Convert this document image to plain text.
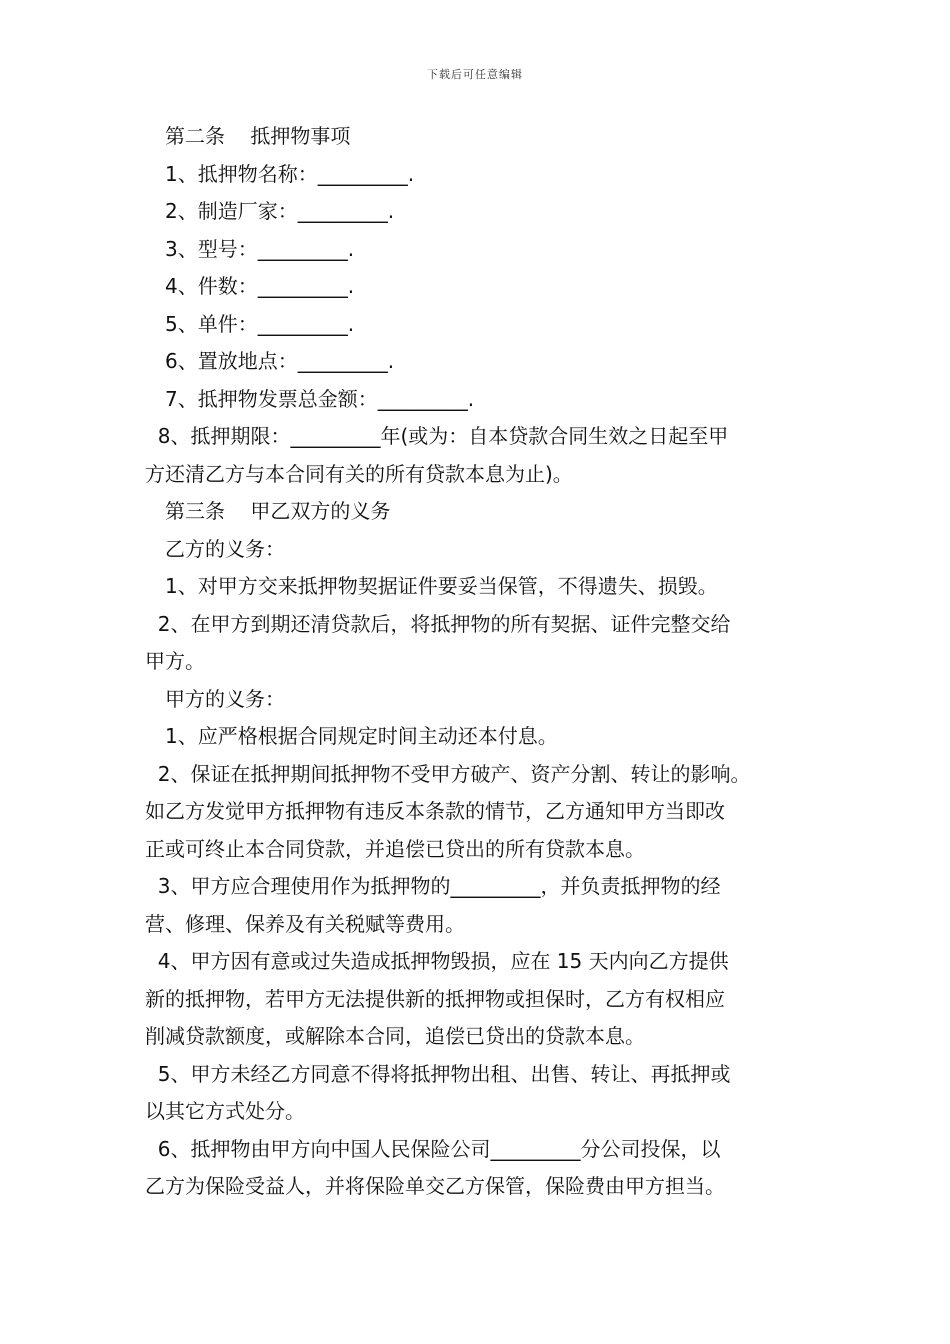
下载后可任意编辑

第二条    抵押物事项

1、抵押物名称：_________.

2、制造厂家：_________.

3、型号：_________.

4、件数：_________.

5、单件：_________.

6、置放地点：_________.

7、抵押物发票总金额：_________.

8、抵押期限：_________年(或为：自本贷款合同生效之日起至甲
方还清乙方与本合同有关的所有贷款本息为止)。

第三条    甲乙双方的义务

乙方的义务：

1、对甲方交来抵押物契据证件要妥当保管，不得遗失、损毁。

2、在甲方到期还清贷款后，将抵押物的所有契据、证件完整交给
甲方。

甲方的义务：

1、应严格根据合同规定时间主动还本付息。

2、保证在抵押期间抵押物不受甲方破产、资产分割、转让的影响。
如乙方发觉甲方抵押物有违反本条款的情节，乙方通知甲方当即改
正或可终止本合同贷款，并追偿已贷出的所有贷款本息。

3、甲方应合理使用作为抵押物的_________，并负责抵押物的经
营、修理、保养及有关税赋等费用。

4、甲方因有意或过失造成抵押物毁损，应在 15 天内向乙方提供
新的抵押物，若甲方无法提供新的抵押物或担保时，乙方有权相应
削减贷款额度，或解除本合同，追偿已贷出的贷款本息。

5、甲方未经乙方同意不得将抵押物出租、出售、转让、再抵押或
以其它方式处分。

6、抵押物由甲方向中国人民保险公司_________分公司投保，以
乙方为保险受益人，并将保险单交乙方保管，保险费由甲方担当。
